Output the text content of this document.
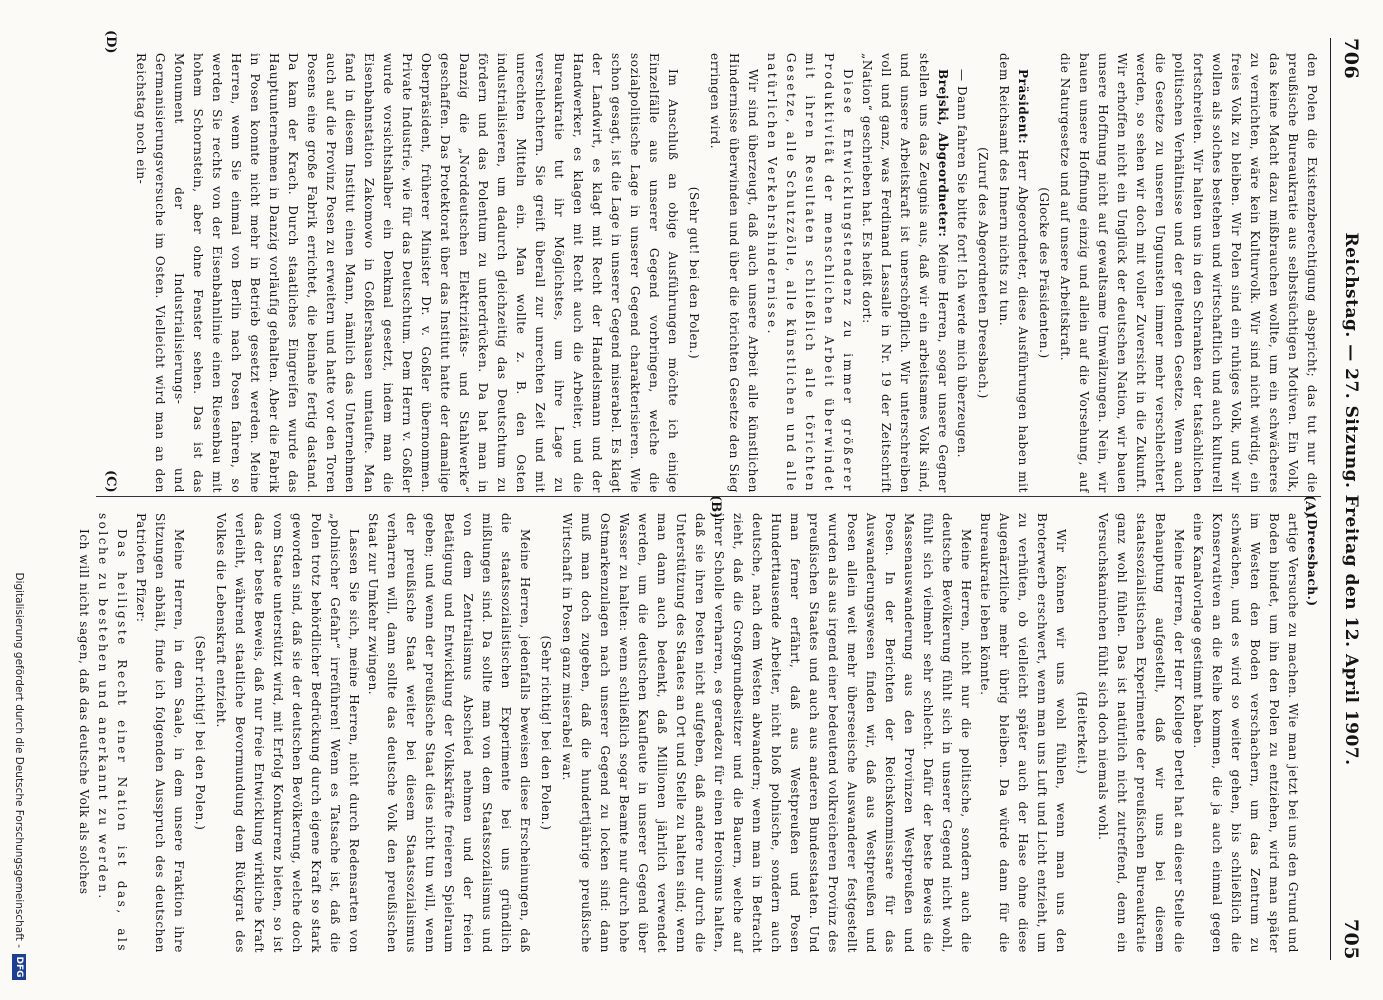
706
Reichstag. — 27. Sitzung. Freitag den 12. April 1907.
705
(A)
(B)
(C)
(D)

(Dreesbach.)

artige Versuche zu machen. Wie man jetzt bei uns den Grund und Boden bindet, um ihn den Polen zu entziehen, wird man später im Westen den Boden verschachern, um das Zentrum zu schwächen, und es wird so weiter gehen, bis schließlich die Konservativen an die Reihe kommen, die ja auch einmal gegen eine Kanalvorlage gestimmt haben.

Meine Herren, der Herr Kollege Dertel hat an dieser Stelle die Behauptung aufgestellt, daß wir uns bei diesem staatssozialistischen Experimente der preußischen Bureaukratie ganz wohl fühlen. Das ist natürlich nicht zutreffend, denn ein Versuchskaninchen fühlt sich doch niemals wohl.

(Heiterkeit.)

Wir können wir uns wohl fühlen, wenn man uns den Broterwerb erschwert, wenn man uns Luft und Licht entzieht, um zu verhüten, ob vielleicht später auch der Hase ohne diese Augenärztliche mehr übrig bleiben. Da würde dann für die Bureaukratie leben könnte.

Meine Herren, nicht nur die politische, sondern auch die deutsche Bevölkerung fühlt sich in unserer Gegend nicht wohl, fühlt sich vielmehr sehr schlecht. Dafür der beste Beweis die Massenauswanderung aus den Provinzen Westpreußen und Posen. In der Berichten der Reichskommissare für das Auswanderungswesen finden wir, daß aus Westpreußen und Posen allein weit mehr überseeische Auswanderer festgestellt wurden als aus irgend einer bedeutend volkreicheren Provinz des preußischen Staates und auch aus anderen Bundesstaaten. Und man ferner erfährt, daß aus Westpreußen und Posen Hunderttausende Arbeiter, nicht bloß polnische, sondern auch deutsche, nach dem Westen abwandern; wenn man in Betracht zieht, daß die Großgrundbesitzer und die Bauern, welche auf ihrer Scholle verharren, es geradezu für einen Heroismus halten, daß sie ihren Posten nicht aufgeben, daß andere nur durch die Unterstützung des Staates an Ort und Stelle zu halten sind; wenn man dann auch bedenkt, daß Millionen jährlich verwendet werden, um die deutschen Kaufleute in unserer Gegend über Wasser zu halten: wenn schließlich sogar Beamte nur durch hohe Ostmarkenzulagen nach unserer Gegend zu locken sind: dann muß man doch zugeben, daß die hundertjährige preußische Wirtschaft in Posen ganz miserabel war.

(Sehr richtig! bei den Polen.)

Meine Herren, jedenfalls beweisen diese Erscheinungen, daß die staatssozialistischen Experimente bei uns gründlich mißlungen sind. Da sollte man von dem Staatssozialismus und von dem Zentralismus Abschied nehmen und der freien Betätigung und Entwicklung der Volkskräfte freieren Spielraum geben; und wenn der preußische Staat dies nicht tun will, wenn der preußische Staat weiter bei diesem Staatssozialismus verharren will, dann sollte das deutsche Volk den preußischen Staat zur Umkehr zwingen.

Lassen Sie sich, meine Herren, nicht durch Redensarten von „polnischer Gefahr“ irreführen! Wenn es Tatsache ist, daß die Polen trotz behördlicher Bedrückung durch eigene Kraft so stark geworden sind, daß sie der deutschen Bevölkerung, welche doch vom Staate unterstützt wird, mit Erfolg Konkurrenz bieten, so ist das der beste Beweis, daß nur freie Entwicklung wirkliche Kraft verleiht, während staatliche Bevormundung dem Rückgrat des Volkes die Lebenskraft entzieht.

(Sehr richtig! bei den Polen.)

Meine Herren, in dem Saale, in dem unsere Fraktion ihre Sitzungen abhält, finde ich folgenden Ausspruch des deutschen Patrioten Pfizer:

Das heiligste Recht einer Nation ist das, als solche zu bestehen und anerkannt zu werden.

Ich will nicht sagen, daß das deutsche Volk als solches

den Polen die Existenzberechtigung abspricht; das tut nur die preußische Bureaukratie aus selbstsüchtigen Motiven. Ein Volk, das keine Macht dazu mißbrauchen wollte, um ein schwächeres zu vernichten, wäre kein Kulturvolk. Wir sind nicht würdig, ein freies Volk zu bleiben. Wir Polen sind ein ruhiges Volk, und wir wollen als solches bestehen und wirtschaftlich und auch kulturell fortschreiten. Wir halten uns in den Schranken der tatsächlichen politischen Verhältnisse und der geltenden Gesetze. Wenn auch die Gesetze zu unseren Ungunsten immer mehr verschlechtert werden, so sehen wir doch mit voller Zuversicht in die Zukunft. Wir erhoffen nicht ein Unglück der deutschen Nation, wir bauen unsere Hoffnung nicht auf gewaltsame Umwälzungen. Nein, wir bauen unsere Hoffnung einzig und allein auf die Vorsehung, auf die Naturgesetze und auf unsere Arbeitskraft.

(Glocke des Präsidenten.)

Präsident: Herr Abgeordneter, diese Ausführungen haben mit dem Reichsamt des Innern nichts zu tun.

(Zuruf des Abgeordneten Dreesbach.)

— Dann fahren Sie bitte fort! Ich werde mich überzeugen.

Brejski, Abgeordneter: Meine Herren, sogar unsere Gegner stellen uns das Zeugnis aus, daß wir ein arbeitsames Volk sind, und unsere Arbeitskraft ist unerschöpflich. Wir unterschreiben voll und ganz, was Ferdinand Lassalle in Nr. 19 der Zeitschrift „Nation“ geschrieben hat. Es heißt dort:

Diese Entwicklungstendenz zu immer größerer Produktivität der menschlichen Arbeit überwindet mit ihren Resultaten schließlich alle törichten Gesetze, alle Schutzzölle, alle künstlichen und alle natürlichen Verkehrshindernisse.

Wir sind überzeugt, daß auch unsere Arbeit alle künstlichen Hindernisse überwinden und über die törichten Gesetze den Sieg erringen wird.

(Sehr gut! bei den Polen.)

Im Anschluß an obige Ausführungen möchte ich einige Einzelfälle aus unserer Gegend vorbringen, welche die sozialpolitische Lage in unserer Gegend charakterisieren. Wie schon gesagt, ist die Lage in unserer Gegend miserabel. Es klagt der Landwirt, es klagt mit Recht der Handelsmann und der Handwerker, es klagen mit Recht auch die Arbeiter, und die Bureaukratie tut ihr Möglichstes, um ihre Lage zu verschlechtern. Sie greift überall zur unrechten Zeit und mit unrechten Mitteln ein. Man wollte z. B. den Osten industrialisieren, um dadurch gleichzeitig das Deutschtum zu fördern und das Polentum zu unterdrücken. Da hat man in Danzig die „Norddeutschen Elektrizitäts- und Stahlwerke“ geschaffen. Das Protektorat über das Institut hatte der damalige Oberpräsident, früherer Minister Dr. v. Goßler übernommen. Private Industrie, wie für das Deutschtum. Dem Herrn v. Goßler wurde vorsichtshalber ein Denkmal gesetzt, indem man die Eisenbahnstation Zakomowo in Goßlershausen umtaufte. Man fand in diesem Institut einen Mann, nämlich das Unternehmen auch auf die Provinz Posen zu erweitern und hatte vor den Toren Posens eine große Fabrik errichtet, die beinahe fertig dastand. Da kam der Krach. Durch staatliches Eingreifen wurde das Hauptunternehmen in Danzig vorläufig gehalten. Aber die Fabrik in Posen konnte nicht mehr in Betrieb gesetzt werden. Meine Herren, wenn Sie einmal von Berlin nach Posen fahren, so werden Sie rechts von der Eisenbahnlinie einen Riesenbau mit hohem Schornstein, aber ohne Fenster sehen. Das ist das Monument der Industrialisierungs- und Germanisierungsversuche im Osten. Vielleicht wird man an den Reichstag noch ein-

Digitalisierung gefördert durch die Deutsche Forschungsgemeinschaft -
DFG
